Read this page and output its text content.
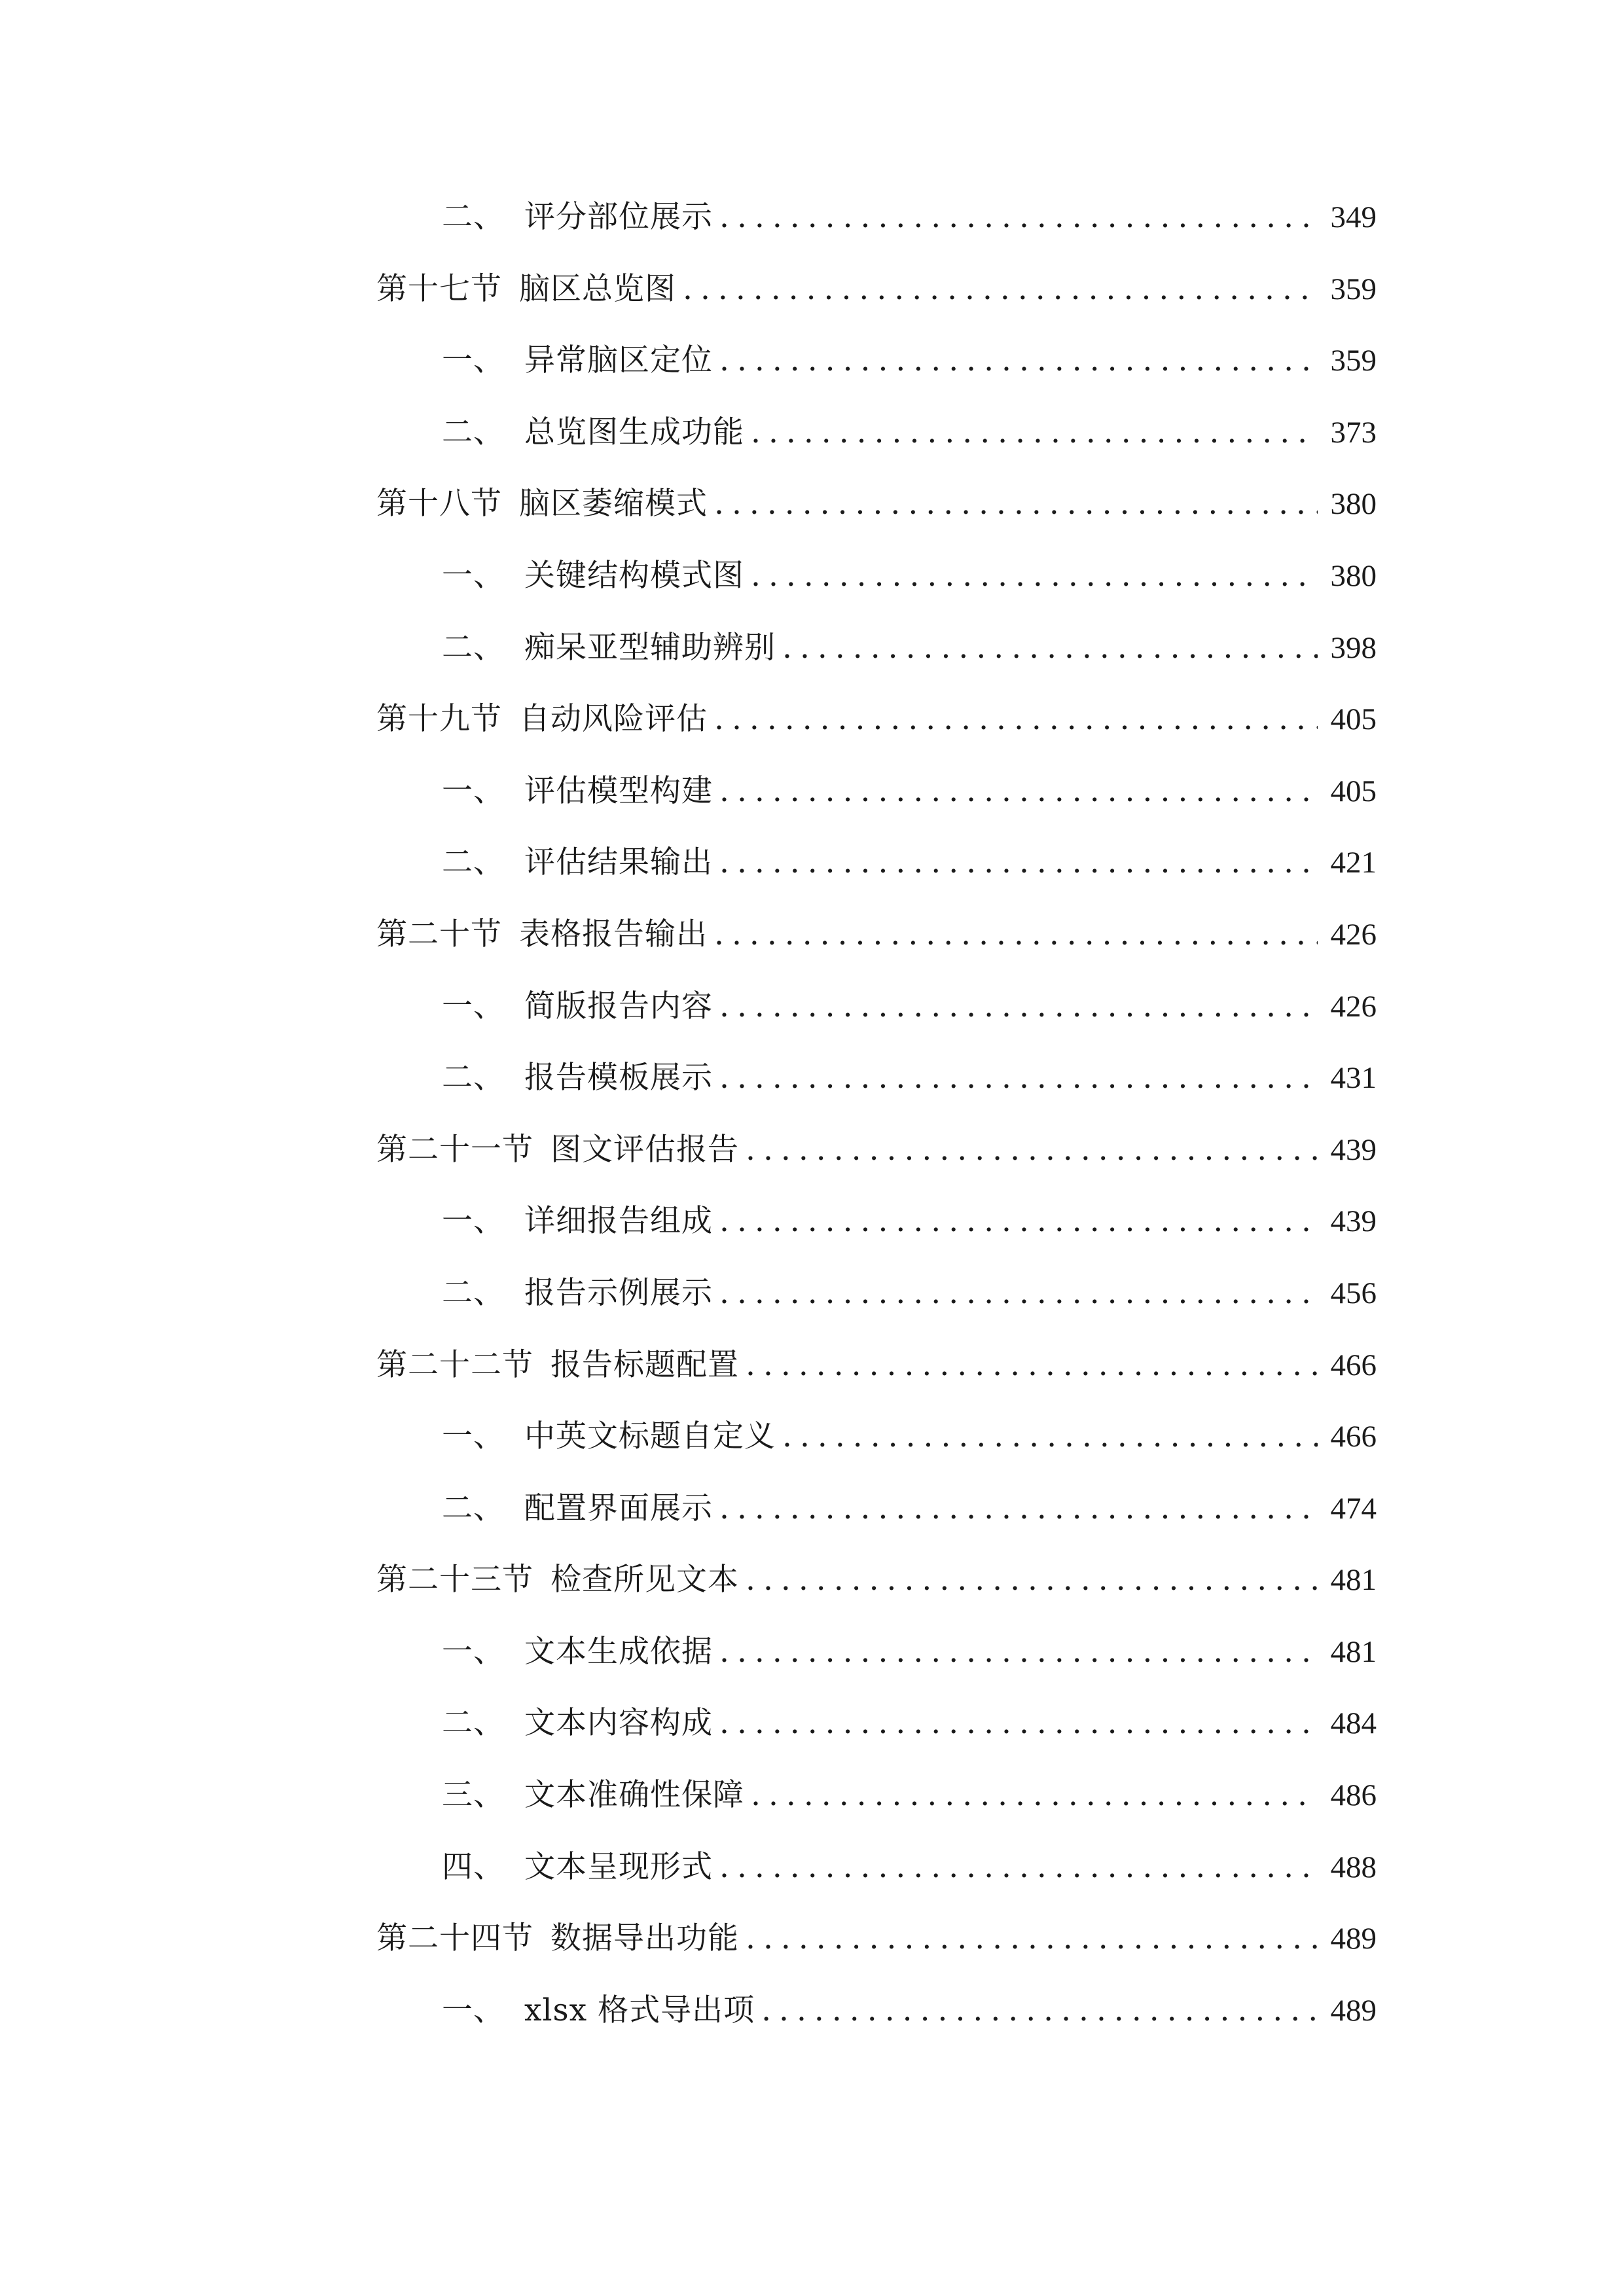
二、 评分部位展示 .....	349
第十七节 脑区总览图 .....	359
一、 异常脑区定位 .....	359
二、 总览图生成功能 .....	373
第十八节 脑区萎缩模式 .....	380
一、 关键结构模式图 .....	380
二、 痴呆亚型辅助辨别 .....	398
第十九节 自动风险评估 .....	405
一、 评估模型构建 .....	405
二、 评估结果输出 .....	421
第二十节 表格报告输出 .....	426
一、 简版报告内容 .....	426
二、 报告模板展示 .....	431
第二十一节 图文评估报告 .....	439
一、 详细报告组成 .....	439
二、 报告示例展示 .....	456
第二十二节 报告标题配置 .....	466
一、 中英文标题自定义 .....	466
二、 配置界面展示 .....	474
第二十三节 检查所见文本 .....	481
一、 文本生成依据 .....	481
二、 文本内容构成 .....	484
三、 文本准确性保障 .....	486
四、 文本呈现形式 .....	488
第二十四节 数据导出功能 .....	489
一、 xlsx 格式导出项 .....	489
